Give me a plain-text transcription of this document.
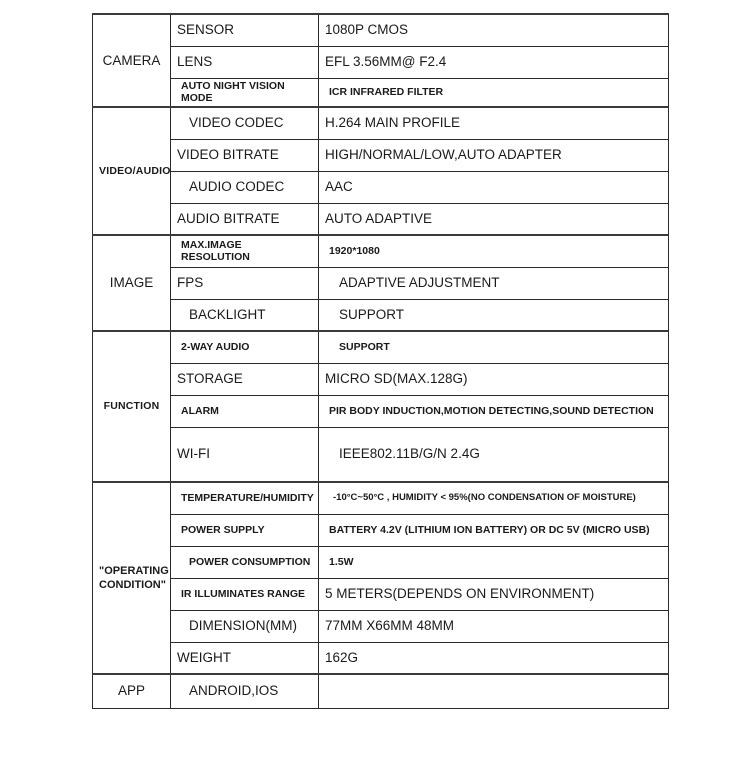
CAMERA	SENSOR	1080P CMOS
	LENS	EFL 3.56MM@ F2.4
	AUTO NIGHT VISION MODE	ICR INFRARED FILTER
VIDEO/AUDIO	VIDEO CODEC	H.264 MAIN PROFILE
	VIDEO BITRATE	HIGH/NORMAL/LOW,AUTO ADAPTER
	AUDIO CODEC	AAC
	AUDIO BITRATE	AUTO ADAPTIVE
IMAGE	MAX.IMAGE RESOLUTION	1920*1080
	FPS	ADAPTIVE ADJUSTMENT
	BACKLIGHT	SUPPORT
FUNCTION	2-WAY AUDIO	SUPPORT
	STORAGE	MICRO SD(MAX.128G)
	ALARM	PIR BODY INDUCTION,MOTION DETECTING,SOUND DETECTION
	WI-FI	IEEE802.11B/G/N 2.4G
"OPERATING CONDITION"	TEMPERATURE/HUMIDITY	-10°C~50°C , HUMIDITY < 95%(NO CONDENSATION OF MOISTURE)
	POWER SUPPLY	BATTERY 4.2V (LITHIUM ION BATTERY) OR DC 5V (MICRO USB)
	POWER CONSUMPTION	1.5W
	IR ILLUMINATES RANGE	5 METERS(DEPENDS ON ENVIRONMENT)
	DIMENSION(MM)	77MM X66MM 48MM
	WEIGHT	162G
APP	ANDROID,IOS	
